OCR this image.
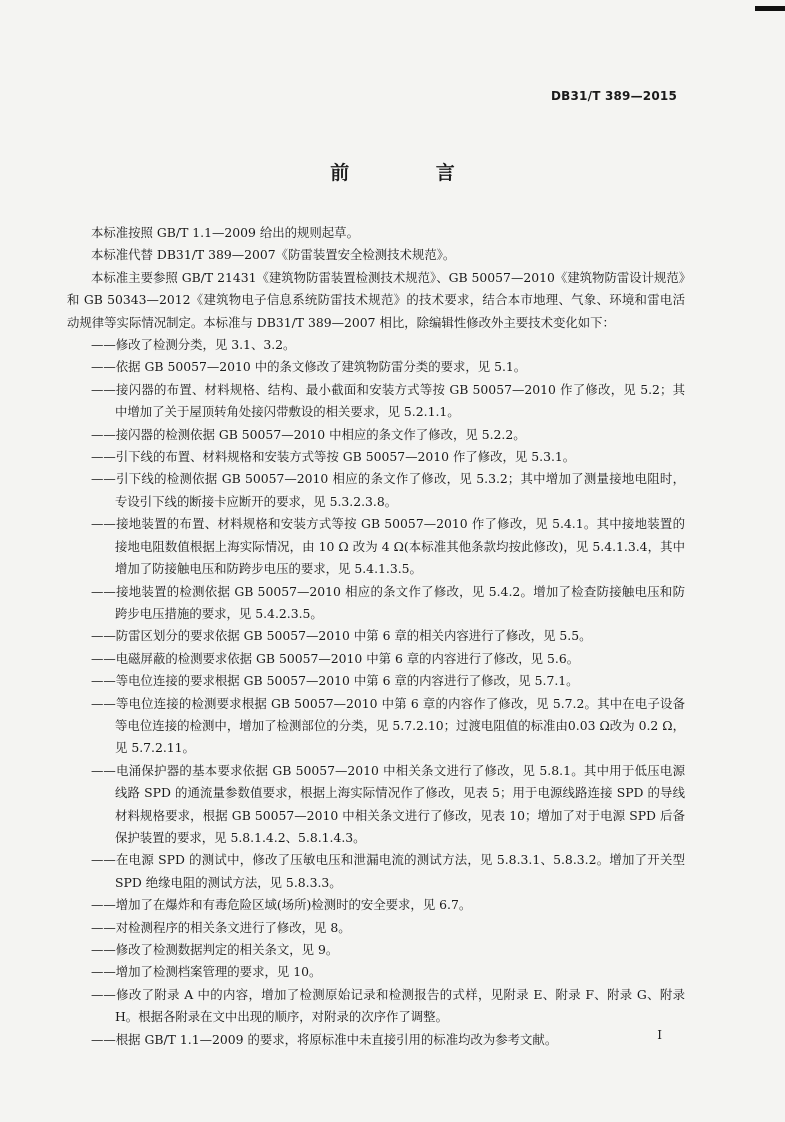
DB31/T 389—2015
前 言

本标准按照 GB/T 1.1—2009 给出的规则起草。

本标准代替 DB31/T 389—2007《防雷装置安全检测技术规范》。

本标准主要参照 GB/T 21431《建筑物防雷装置检测技术规范》、GB 50057—2010《建筑物防雷设计规范》和 GB 50343—2012《建筑物电子信息系统防雷技术规范》的技术要求，结合本市地理、气象、环境和雷电活动规律等实际情况制定。本标准与 DB31/T 389—2007 相比，除编辑性修改外主要技术变化如下：

——修改了检测分类，见 3.1、3.2。

——依据 GB 50057—2010 中的条文修改了建筑物防雷分类的要求，见 5.1。

——接闪器的布置、材料规格、结构、最小截面和安装方式等按 GB 50057—2010 作了修改，见 5.2；其中增加了关于屋顶转角处接闪带敷设的相关要求，见 5.2.1.1。

——接闪器的检测依据 GB 50057—2010 中相应的条文作了修改，见 5.2.2。

——引下线的布置、材料规格和安装方式等按 GB 50057—2010 作了修改，见 5.3.1。

——引下线的检测依据 GB 50057—2010 相应的条文作了修改，见 5.3.2；其中增加了测量接地电阻时，专设引下线的断接卡应断开的要求，见 5.3.2.3.8。

——接地装置的布置、材料规格和安装方式等按 GB 50057—2010 作了修改，见 5.4.1。其中接地装置的接地电阻数值根据上海实际情况，由 10 Ω 改为 4 Ω(本标准其他条款均按此修改)，见 5.4.1.3.4，其中增加了防接触电压和防跨步电压的要求，见 5.4.1.3.5。

——接地装置的检测依据 GB 50057—2010 相应的条文作了修改，见 5.4.2。增加了检查防接触电压和防跨步电压措施的要求，见 5.4.2.3.5。

——防雷区划分的要求依据 GB 50057—2010 中第 6 章的相关内容进行了修改，见 5.5。

——电磁屏蔽的检测要求依据 GB 50057—2010 中第 6 章的内容进行了修改，见 5.6。

——等电位连接的要求根据 GB 50057—2010 中第 6 章的内容进行了修改，见 5.7.1。

——等电位连接的检测要求根据 GB 50057—2010 中第 6 章的内容作了修改，见 5.7.2。其中在电子设备等电位连接的检测中，增加了检测部位的分类，见 5.7.2.10；过渡电阻值的标准由0.03 Ω改为 0.2 Ω，见 5.7.2.11。

——电涌保护器的基本要求依据 GB 50057—2010 中相关条文进行了修改，见 5.8.1。其中用于低压电源线路 SPD 的通流量参数值要求，根据上海实际情况作了修改，见表 5；用于电源线路连接 SPD 的导线材料规格要求，根据 GB 50057—2010 中相关条文进行了修改，见表 10；增加了对于电源 SPD 后备保护装置的要求，见 5.8.1.4.2、5.8.1.4.3。

——在电源 SPD 的测试中，修改了压敏电压和泄漏电流的测试方法，见 5.8.3.1、5.8.3.2。增加了开关型 SPD 绝缘电阻的测试方法，见 5.8.3.3。

——增加了在爆炸和有毒危险区域(场所)检测时的安全要求，见 6.7。

——对检测程序的相关条文进行了修改，见 8。

——修改了检测数据判定的相关条文，见 9。

——增加了检测档案管理的要求，见 10。

——修改了附录 A 中的内容，增加了检测原始记录和检测报告的式样，见附录 E、附录 F、附录 G、附录 H。根据各附录在文中出现的顺序，对附录的次序作了调整。

——根据 GB/T 1.1—2009 的要求，将原标准中未直接引用的标准均改为参考文献。	I
